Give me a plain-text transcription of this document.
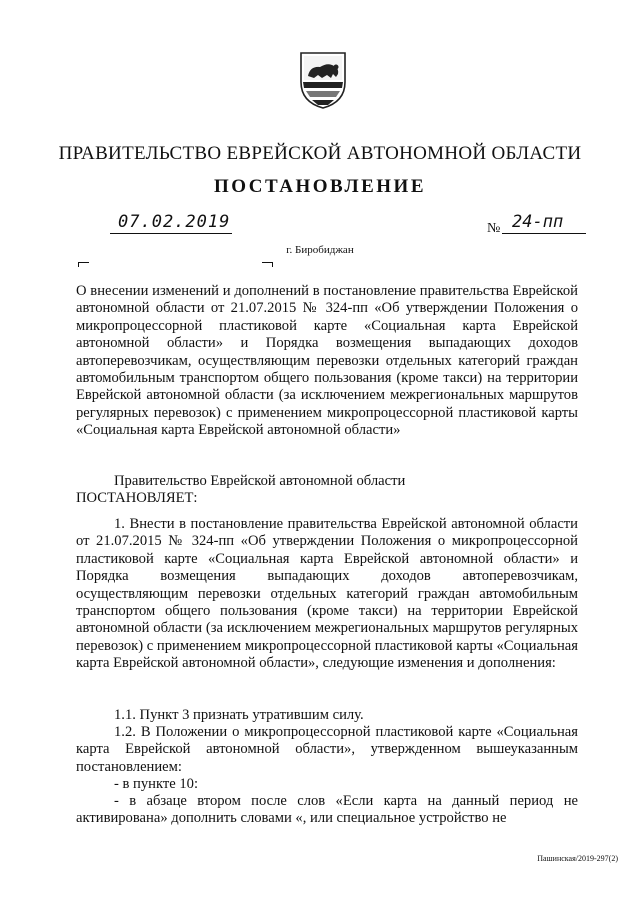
ПРАВИТЕЛЬСТВО ЕВРЕЙСКОЙ АВТОНОМНОЙ ОБЛАСТИ
ПОСТАНОВЛЕНИЕ
07.02.2019	№ 24-пп
г. Биробиджан

О внесении изменений и дополнений в постановление правительства Еврейской автономной области от 21.07.2015 № 324-пп «Об утверждении Положения о микропроцессорной пластиковой карте «Социальная карта Еврейской автономной области» и Порядка возмещения выпадающих доходов автоперевозчикам, осуществляющим перевозки отдельных категорий граждан автомобильным транспортом общего пользования (кроме такси) на территории Еврейской автономной области (за исключением межрегиональных маршрутов регулярных перевозок) с применением микропроцессорной пластиковой карты «Социальная карта Еврейской автономной области»

Правительство Еврейской автономной области

ПОСТАНОВЛЯЕТ:

1. Внести в постановление правительства Еврейской автономной области от 21.07.2015 № 324-пп «Об утверждении Положения о микропроцессорной пластиковой карте «Социальная карта Еврейской автономной области» и Порядка возмещения выпадающих доходов автоперевозчикам, осуществляющим перевозки отдельных категорий граждан автомобильным транспортом общего пользования (кроме такси) на территории Еврейской автономной области (за исключением межрегиональных маршрутов регулярных перевозок) с применением микропроцессорной пластиковой карты «Социальная карта Еврейской автономной области», следующие изменения и дополнения:

1.1. Пункт 3 признать утратившим силу.

1.2. В Положении о микропроцессорной пластиковой карте «Социальная карта Еврейской автономной области», утвержденном вышеуказанным постановлением:

- в пункте 10:

- в абзаце втором после слов «Если карта на данный период не активирована» дополнить словами «, или специальное устройство не

Пашинская/2019-297(2)
